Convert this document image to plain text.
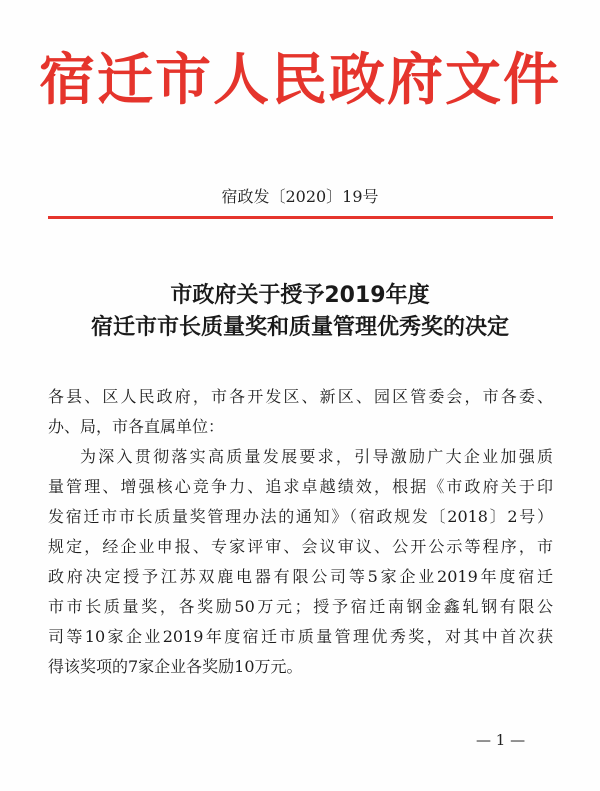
宿迁市人民政府文件
宿政发〔2020〕19号
市政府关于授予2019年度
宿迁市市长质量奖和质量管理优秀奖的决定
各县、区人民政府，市各开发区、新区、园区管委会，市各委、
办、局，市各直属单位：
为深入贯彻落实高质量发展要求，引导激励广大企业加强质
量管理、增强核心竞争力、追求卓越绩效，根据《市政府关于印
发宿迁市市长质量奖管理办法的通知》（宿政规发〔2018〕2号）
规定，经企业申报、专家评审、会议审议、公开公示等程序，市
政府决定授予江苏双鹿电器有限公司等5家企业2019年度宿迁
市市长质量奖，各奖励50万元；授予宿迁南钢金鑫轧钢有限公
司等10家企业2019年度宿迁市质量管理优秀奖，对其中首次获
得该奖项的7家企业各奖励10万元。
— 1 —
